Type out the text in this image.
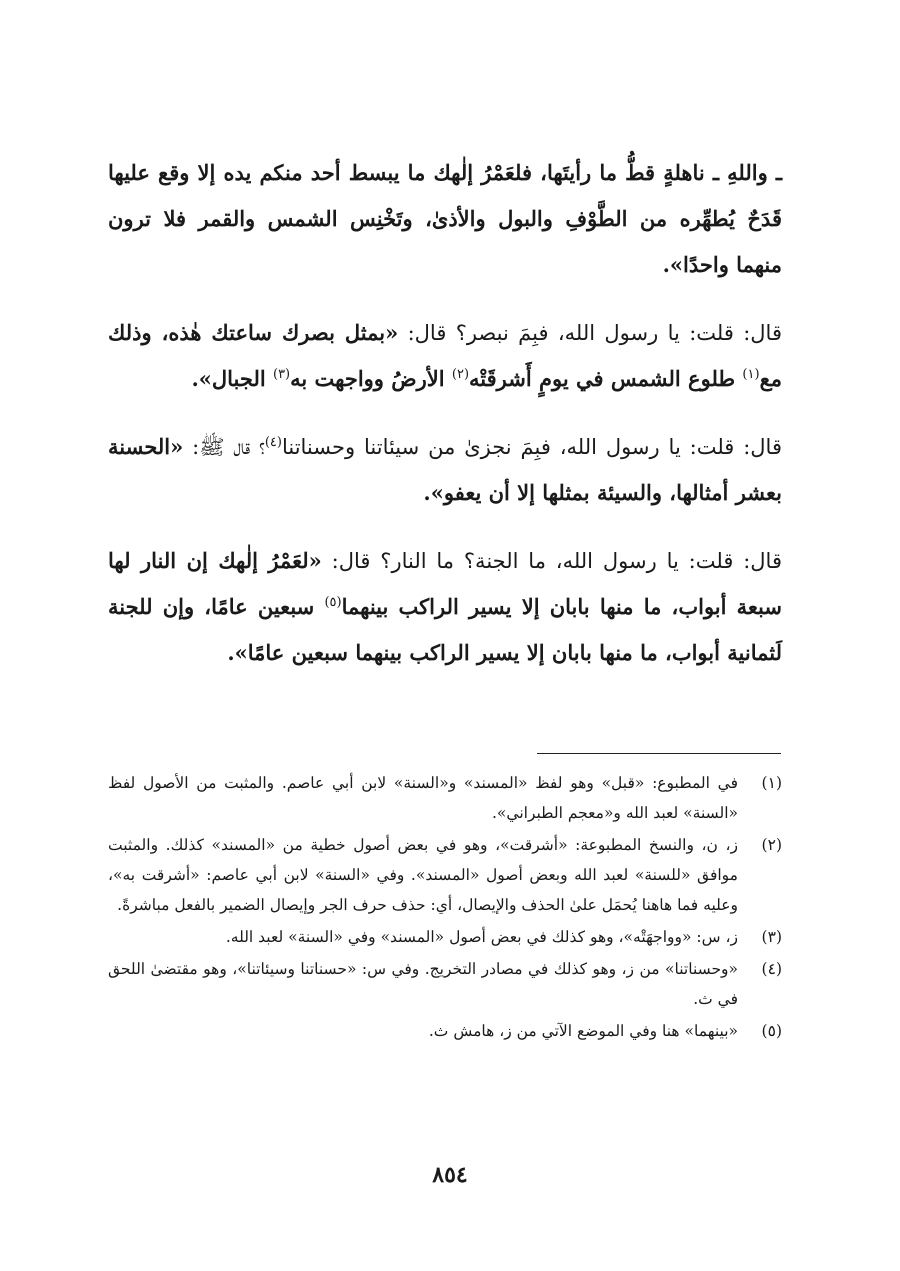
ـ واللهِ ـ ناهلةٍ قطُّ ما رأيتَها، فلعَمْرُ إلٰهك ما يبسط أحد منكم يده إلا وقع عليها قَدَحٌ يُطهِّره من الطَّوْفِ والبول والأذىٰ، وتَخْنِس الشمس والقمر فلا ترون منهما واحدًا».

قال: قلت: يا رسول الله، فبِمَ نبصر؟ قال: «بمثل بصرك ساعتك هٰذه، وذلك مع$^{(١)}$ طلوع الشمس في يومٍ أَشرقَتْه$^{(٢)}$ الأرضُ وواجهت به$^{(٣)}$ الجبال».

قال: قلت: يا رسول الله، فبِمَ نجزىٰ من سيئاتنا وحسناتنا$^{(٤)}$؟ قال ﷺ: «الحسنة بعشر أمثالها، والسيئة بمثلها إلا أن يعفو».

قال: قلت: يا رسول الله، ما الجنة؟ ما النار؟ قال: «لعَمْرُ إلٰهك إن النار لها سبعة أبواب، ما منها بابان إلا يسير الراكب بينهما$^{(٥)}$ سبعين عامًا، وإن للجنة لَثمانية أبواب، ما منها بابان إلا يسير الراكب بينهما سبعين عامًا».

(١)
في المطبوع: «قبل» وهو لفظ «المسند» و«السنة» لابن أبي عاصم. والمثبت من الأصول لفظ «السنة» لعبد الله و«معجم الطبراني».
(٢)
ز، ن، والنسخ المطبوعة: «أشرقت»، وهو في بعض أصول خطية من «المسند» كذلك. والمثبت موافق «للسنة» لعبد الله وبعض أصول «المسند». وفي «السنة» لابن أبي عاصم: «أشرقت به»، وعليه فما هاهنا يُحمَل علىٰ الحذف والإيصال، أي: حذف حرف الجر وإيصال الضمير بالفعل مباشرةً.
(٣)
ز، س: «وواجهَتْه»، وهو كذلك في بعض أصول «المسند» وفي «السنة» لعبد الله.
(٤)
«وحسناتنا» من ز، وهو كذلك في مصادر التخريج. وفي س: «حسناتنا وسيئاتنا»، وهو مقتضىٰ اللحق في ث.
(٥)
«بينهما» هنا وفي الموضع الآتي من ز، هامش ث.
٨٥٤
